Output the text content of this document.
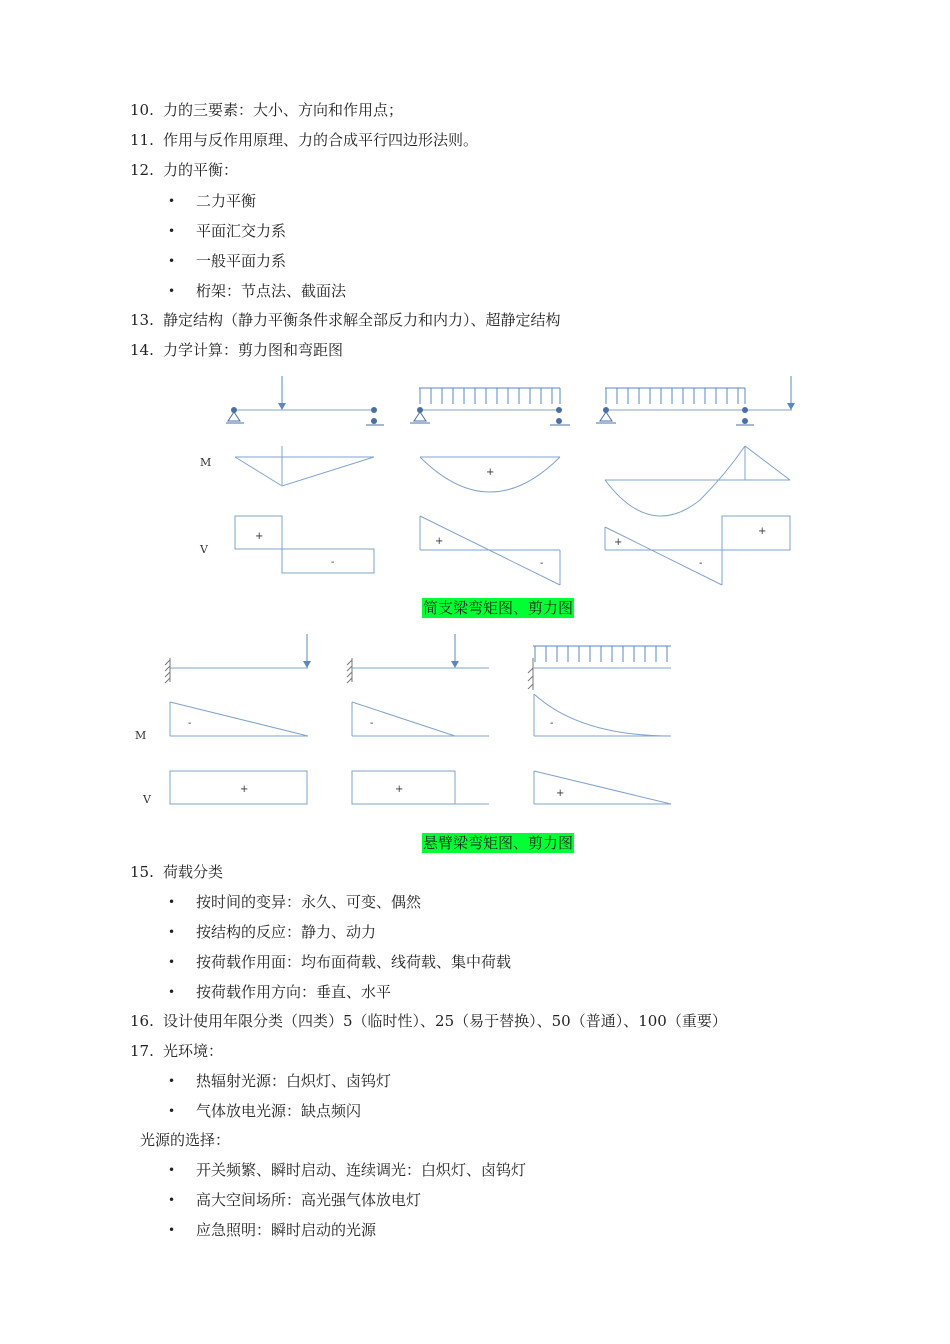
10. 力的三要素：大小、方向和作用点；
11. 作用与反作用原理、力的合成平行四边形法则。
12. 力的平衡：
• 二力平衡
• 平面汇交力系
• 一般平面力系
• 桁架：节点法、截面法
13. 静定结构（静力平衡条件求解全部反力和内力）、超静定结构
14. 力学计算：剪力图和弯距图
M
V
+
+
-
+
-
+
-
+
简支梁弯矩图、剪力图
M
V
-	-	-
+	+	+
悬臂梁弯矩图、剪力图
15. 荷载分类
• 按时间的变异：永久、可变、偶然
• 按结构的反应：静力、动力
• 按荷载作用面：均布面荷载、线荷载、集中荷载
• 按荷载作用方向：垂直、水平
16. 设计使用年限分类（四类）5（临时性）、25（易于替换）、50（普通）、100（重要）
17. 光环境：
• 热辐射光源：白炽灯、卤钨灯
• 气体放电光源：缺点频闪
光源的选择：
• 开关频繁、瞬时启动、连续调光：白炽灯、卤钨灯
• 高大空间场所：高光强气体放电灯
• 应急照明：瞬时启动的光源
